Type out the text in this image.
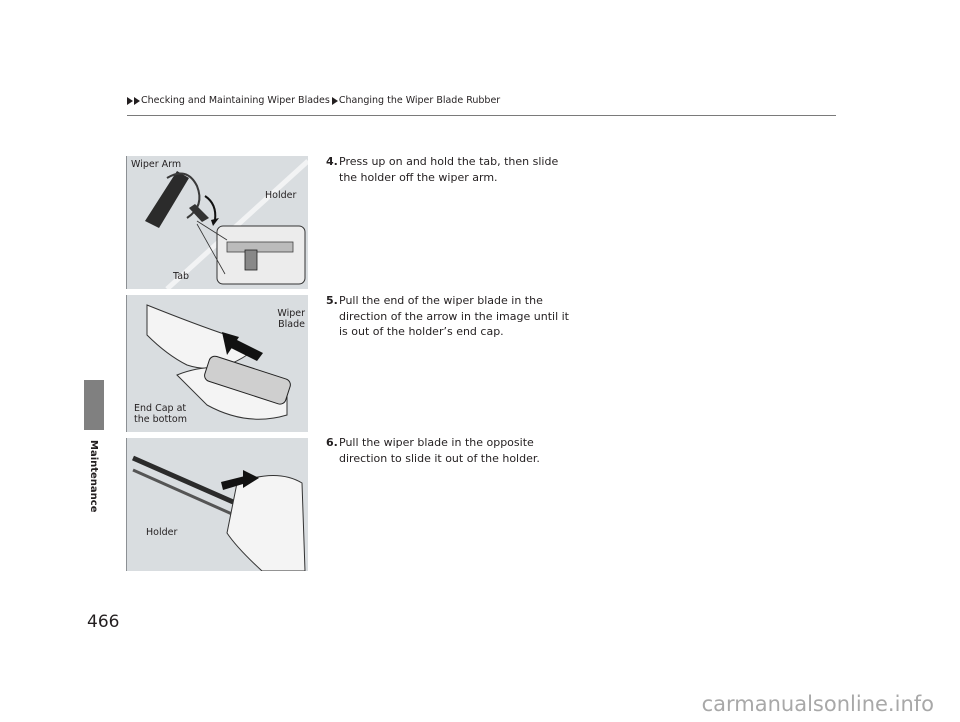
Checking and Maintaining Wiper Blades Changing the Wiper Blade Rubber
Maintenance
Wiper Arm
Holder
Tab
Wiper Blade
End Cap at the bottom
Holder
4. Press up on and hold the tab, then slide the holder off the wiper arm.
5. Pull the end of the wiper blade in the direction of the arrow in the image until it is out of the holder’s end cap.
6. Pull the wiper blade in the opposite direction to slide it out of the holder.
466
carmanualsonline.info
